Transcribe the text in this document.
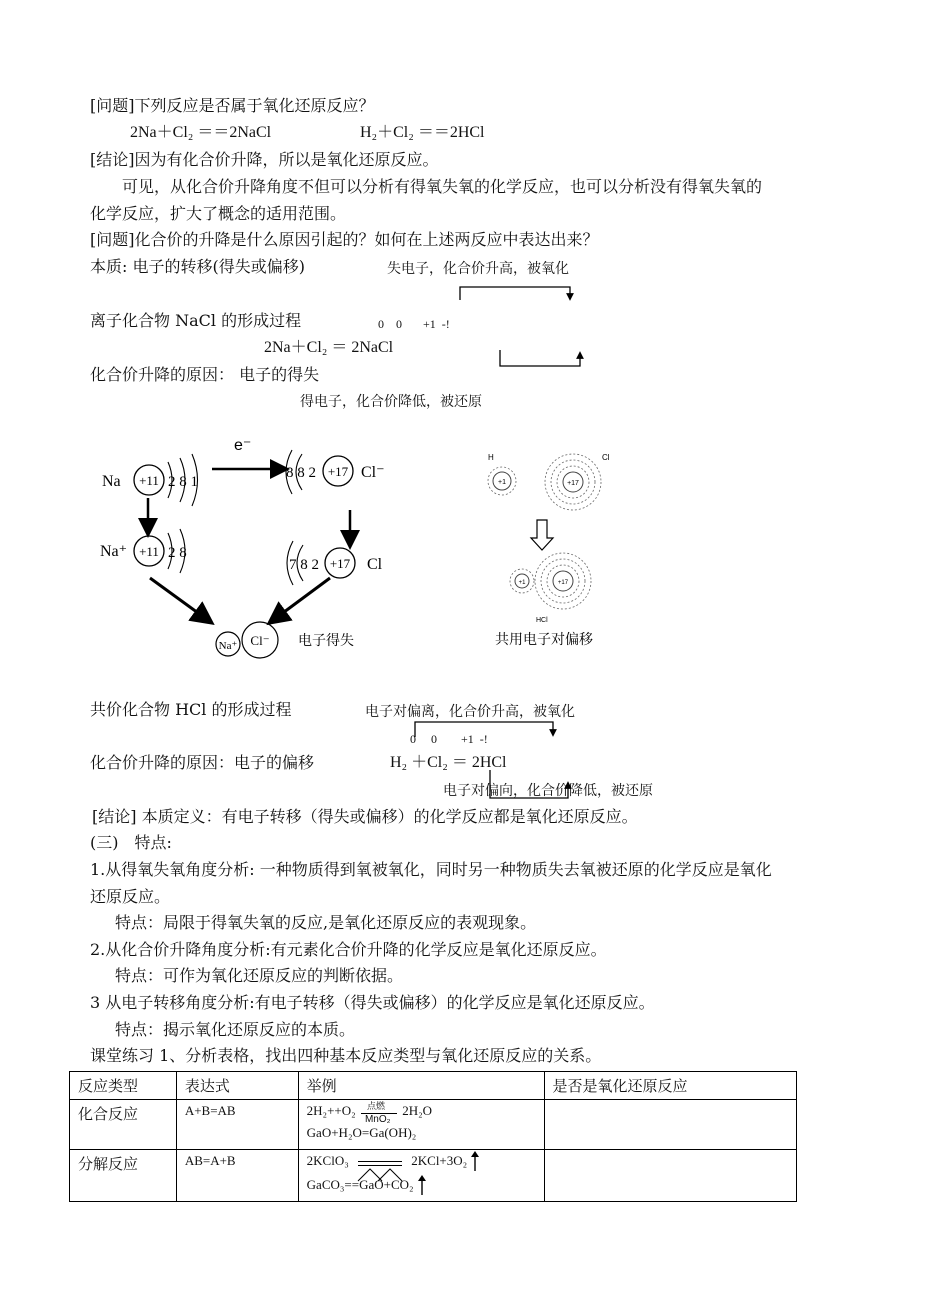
[问题]下列反应是否属于氧化还原反应？
2Na＋Cl₂ ＝＝2NaCl	H₂＋Cl₂ ＝＝2HCl
[结论]因为有化合价升降，所以是氧化还原反应。
可见，从化合价升降角度不但可以分析有得氧失氧的化学反应，也可以分析没有得氧失氧的
化学反应，扩大了概念的适用范围。
[问题]化合价的升降是什么原因引起的？如何在上述两反应中表达出来？
本质: 电子的转移(得失或偏移)	失电子，化合价升高，被氧化
离子化合物 NaCl 的形成过程	0    0       +1  -!
2Na＋Cl₂ ＝ 2NaCl
化合价升降的原因： 电子的得失
得电子，化合价降低，被还原
共价化合物 HCl 的形成过程	电子对偏离，化合价升高，被氧化
0     0        +1  -!
化合价升降的原因：电子的偏移	H₂ ＋Cl₂ ＝ 2HCl
电子对偏向，化合价降低，被还原
[结论] 本质定义：有电子转移（得失或偏移）的化学反应都是氧化还原反应。
(三)　特点:
1.从得氧失氧角度分析: 一种物质得到氧被氧化，同时另一种物质失去氧被还原的化学反应是氧化
还原反应。
特点：局限于得氧失氧的反应,是氧化还原反应的表观现象。
2.从化合价升降角度分析:有元素化合价升降的化学反应是氧化还原反应。
特点：可作为氧化还原反应的判断依据。
3 从电子转移角度分析:有电子转移（得失或偏移）的化学反应是氧化还原反应。
特点：揭示氧化还原反应的本质。
课堂练习 1、分析表格，找出四种基本反应类型与氧化还原反应的关系。
Na +11 2 8 1
e⁻
8 8 2 +17 Cl⁻
Na⁺ +11 2 8
7 8 2 +17 Cl
Na⁺ Cl⁻ 电子得失
H
+1
Cl
+17
+1	+17
HCl
共用电子对偏移
反应类型	表达式	举例	是否是氧化还原反应
化合反应	A+B=AB	2H₂++O₂ 点燃
MnO₂
2H₂O
GaO+H₂O=Ga(OH)₂	

分解反应	AB=A+B	2KClO₃ 2KCl+3O₂
GaCO₃==GaO+CO₂	
